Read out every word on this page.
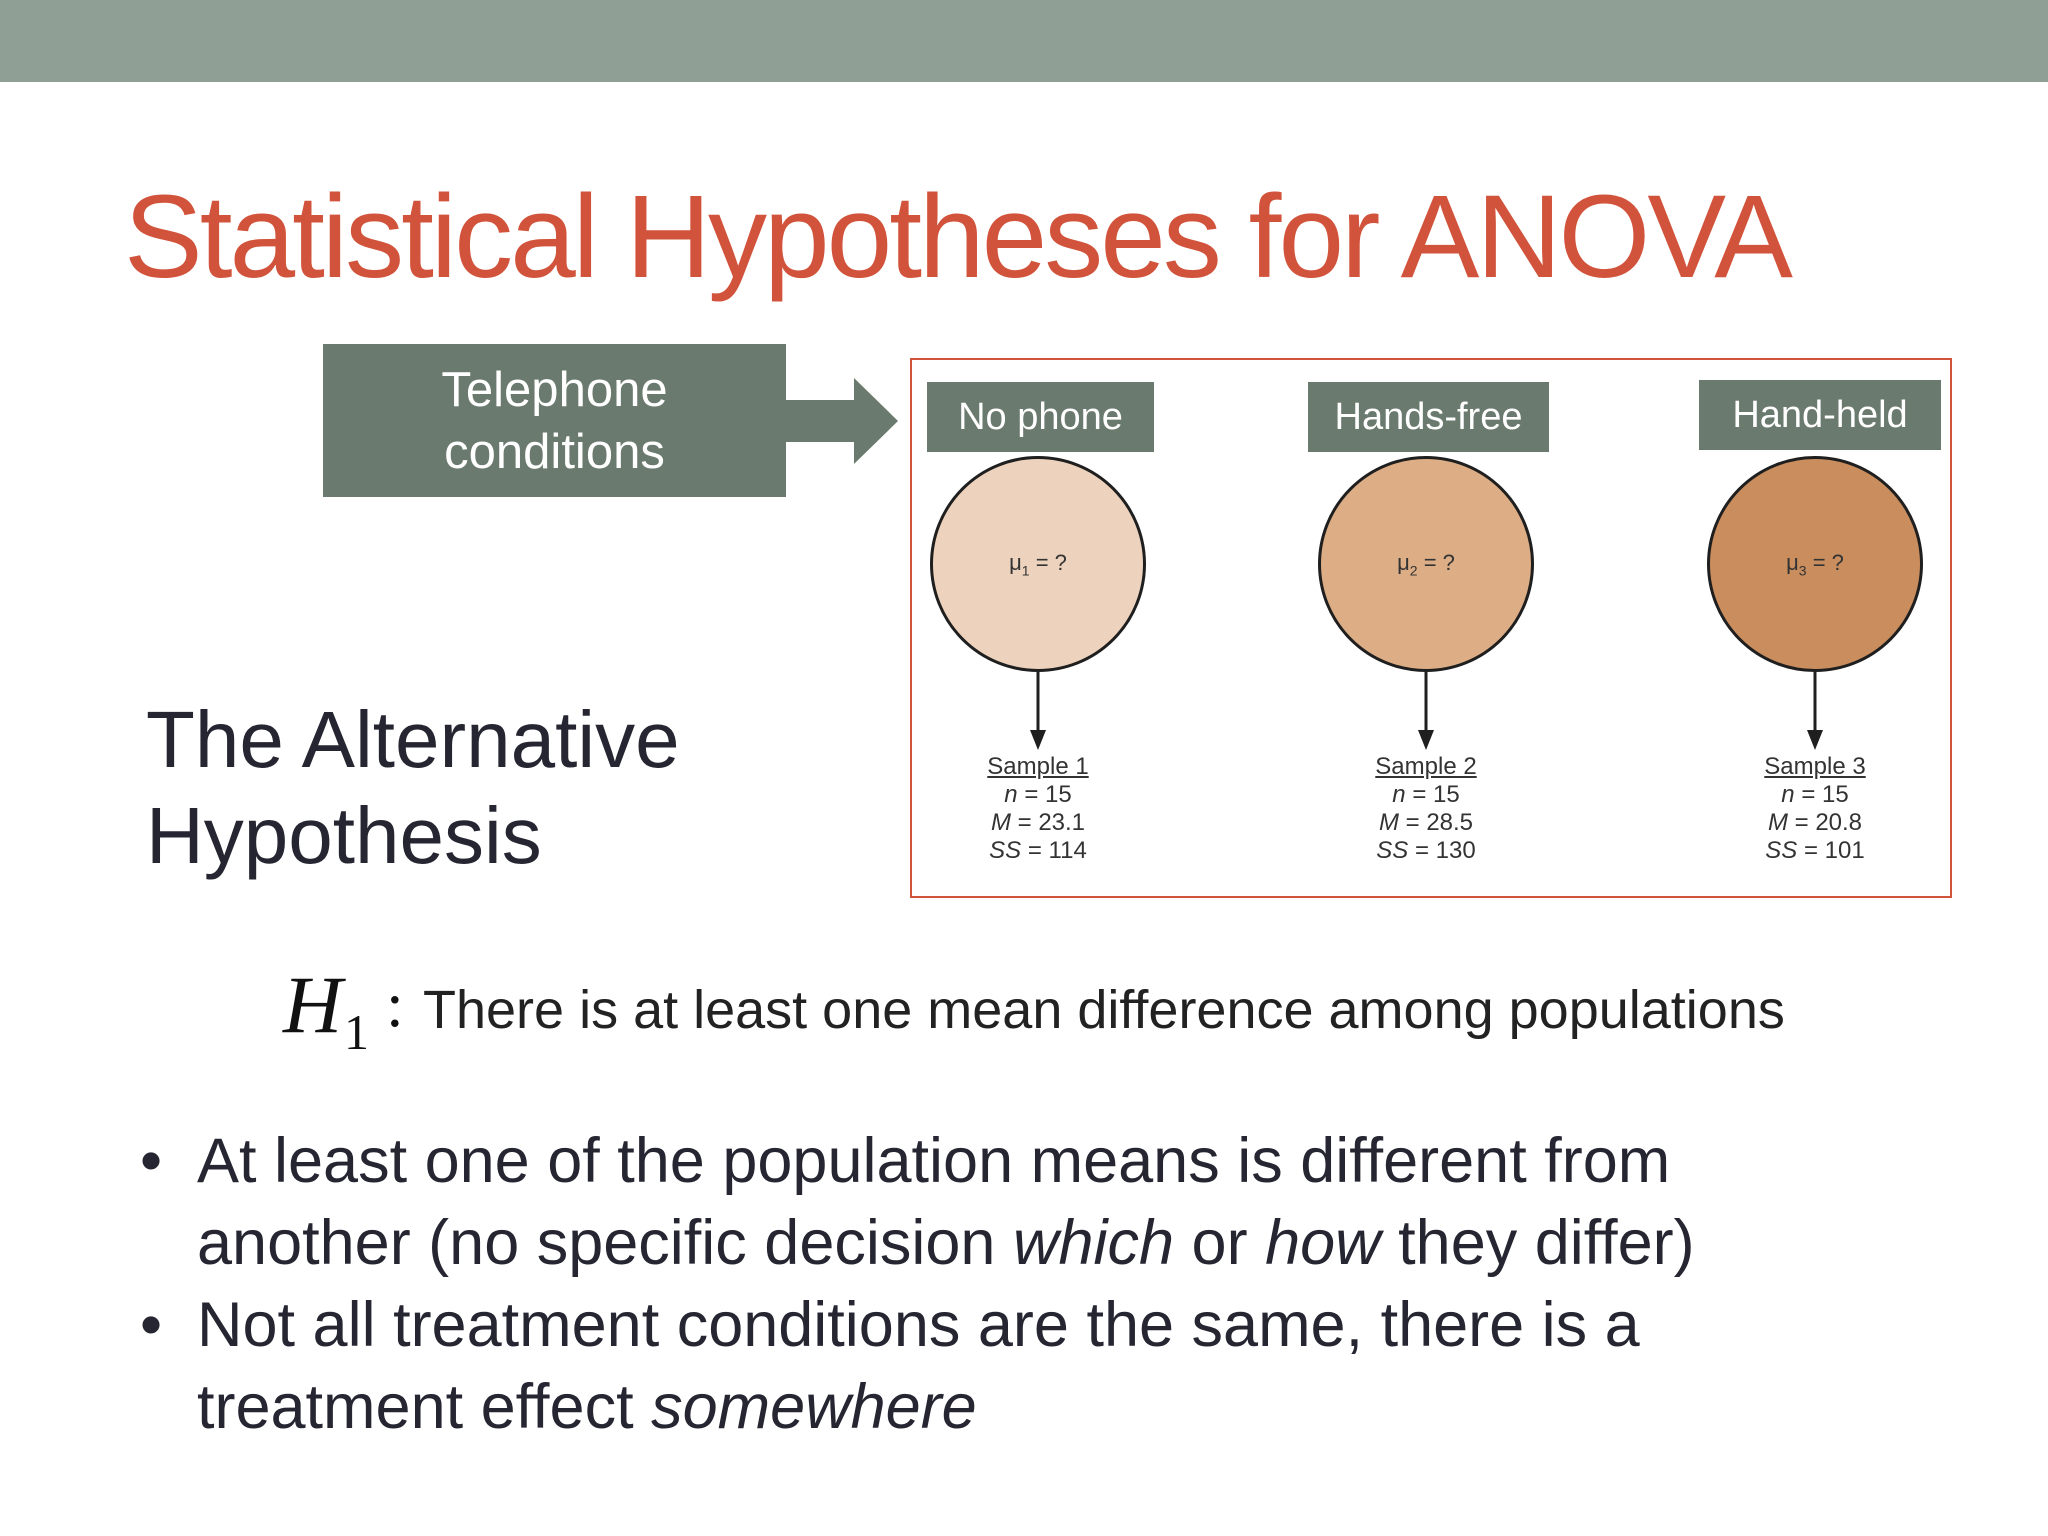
Statistical Hypotheses for ANOVA
Telephone
conditions
No phone
$\mu_1$ = ?
Sample 1
n = 15
M = 23.1
SS = 114
Hands-free
$\mu_2$ = ?
Sample 2
n = 15
M = 28.5
SS = 130
Hand-held
$\mu_3$ = ?
Sample 3
n = 15
M = 20.8
SS = 101
The Alternative
Hypothesis
H 1 : There is at least one mean difference among populations
• At least one of the population means is different from
another (no specific decision which or how they differ)
• Not all treatment conditions are the same, there is a
treatment effect somewhere
